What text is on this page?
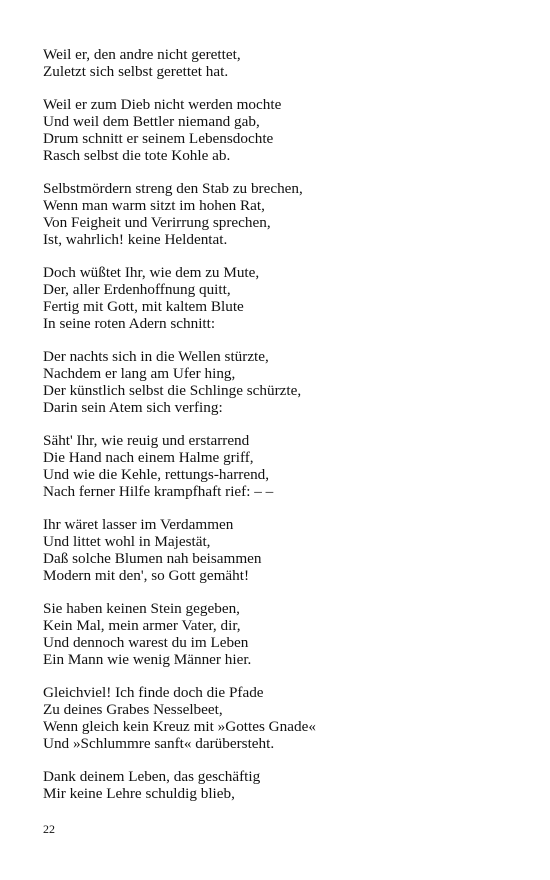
Weil er, den andre nicht gerettet,
Zuletzt sich selbst gerettet hat.
Weil er zum Dieb nicht werden mochte
Und weil dem Bettler niemand gab,
Drum schnitt er seinem Lebensdochte
Rasch selbst die tote Kohle ab.
Selbstmördern streng den Stab zu brechen,
Wenn man warm sitzt im hohen Rat,
Von Feigheit und Verirrung sprechen,
Ist, wahrlich! keine Heldentat.
Doch wüßtet Ihr, wie dem zu Mute,
Der, aller Erdenhoffnung quitt,
Fertig mit Gott, mit kaltem Blute
In seine roten Adern schnitt:
Der nachts sich in die Wellen stürzte,
Nachdem er lang am Ufer hing,
Der künstlich selbst die Schlinge schürzte,
Darin sein Atem sich verfing:
Säht' Ihr, wie reuig und erstarrend
Die Hand nach einem Halme griff,
Und wie die Kehle, rettungs-harrend,
Nach ferner Hilfe krampfhaft rief: – –
Ihr wäret lasser im Verdammen
Und littet wohl in Majestät,
Daß solche Blumen nah beisammen
Modern mit den', so Gott gemäht!
Sie haben keinen Stein gegeben,
Kein Mal, mein armer Vater, dir,
Und dennoch warest du im Leben
Ein Mann wie wenig Männer hier.
Gleichviel! Ich finde doch die Pfade
Zu deines Grabes Nesselbeet,
Wenn gleich kein Kreuz mit »Gottes Gnade«
Und »Schlummre sanft« darübersteht.
Dank deinem Leben, das geschäftig
Mir keine Lehre schuldig blieb,
22
